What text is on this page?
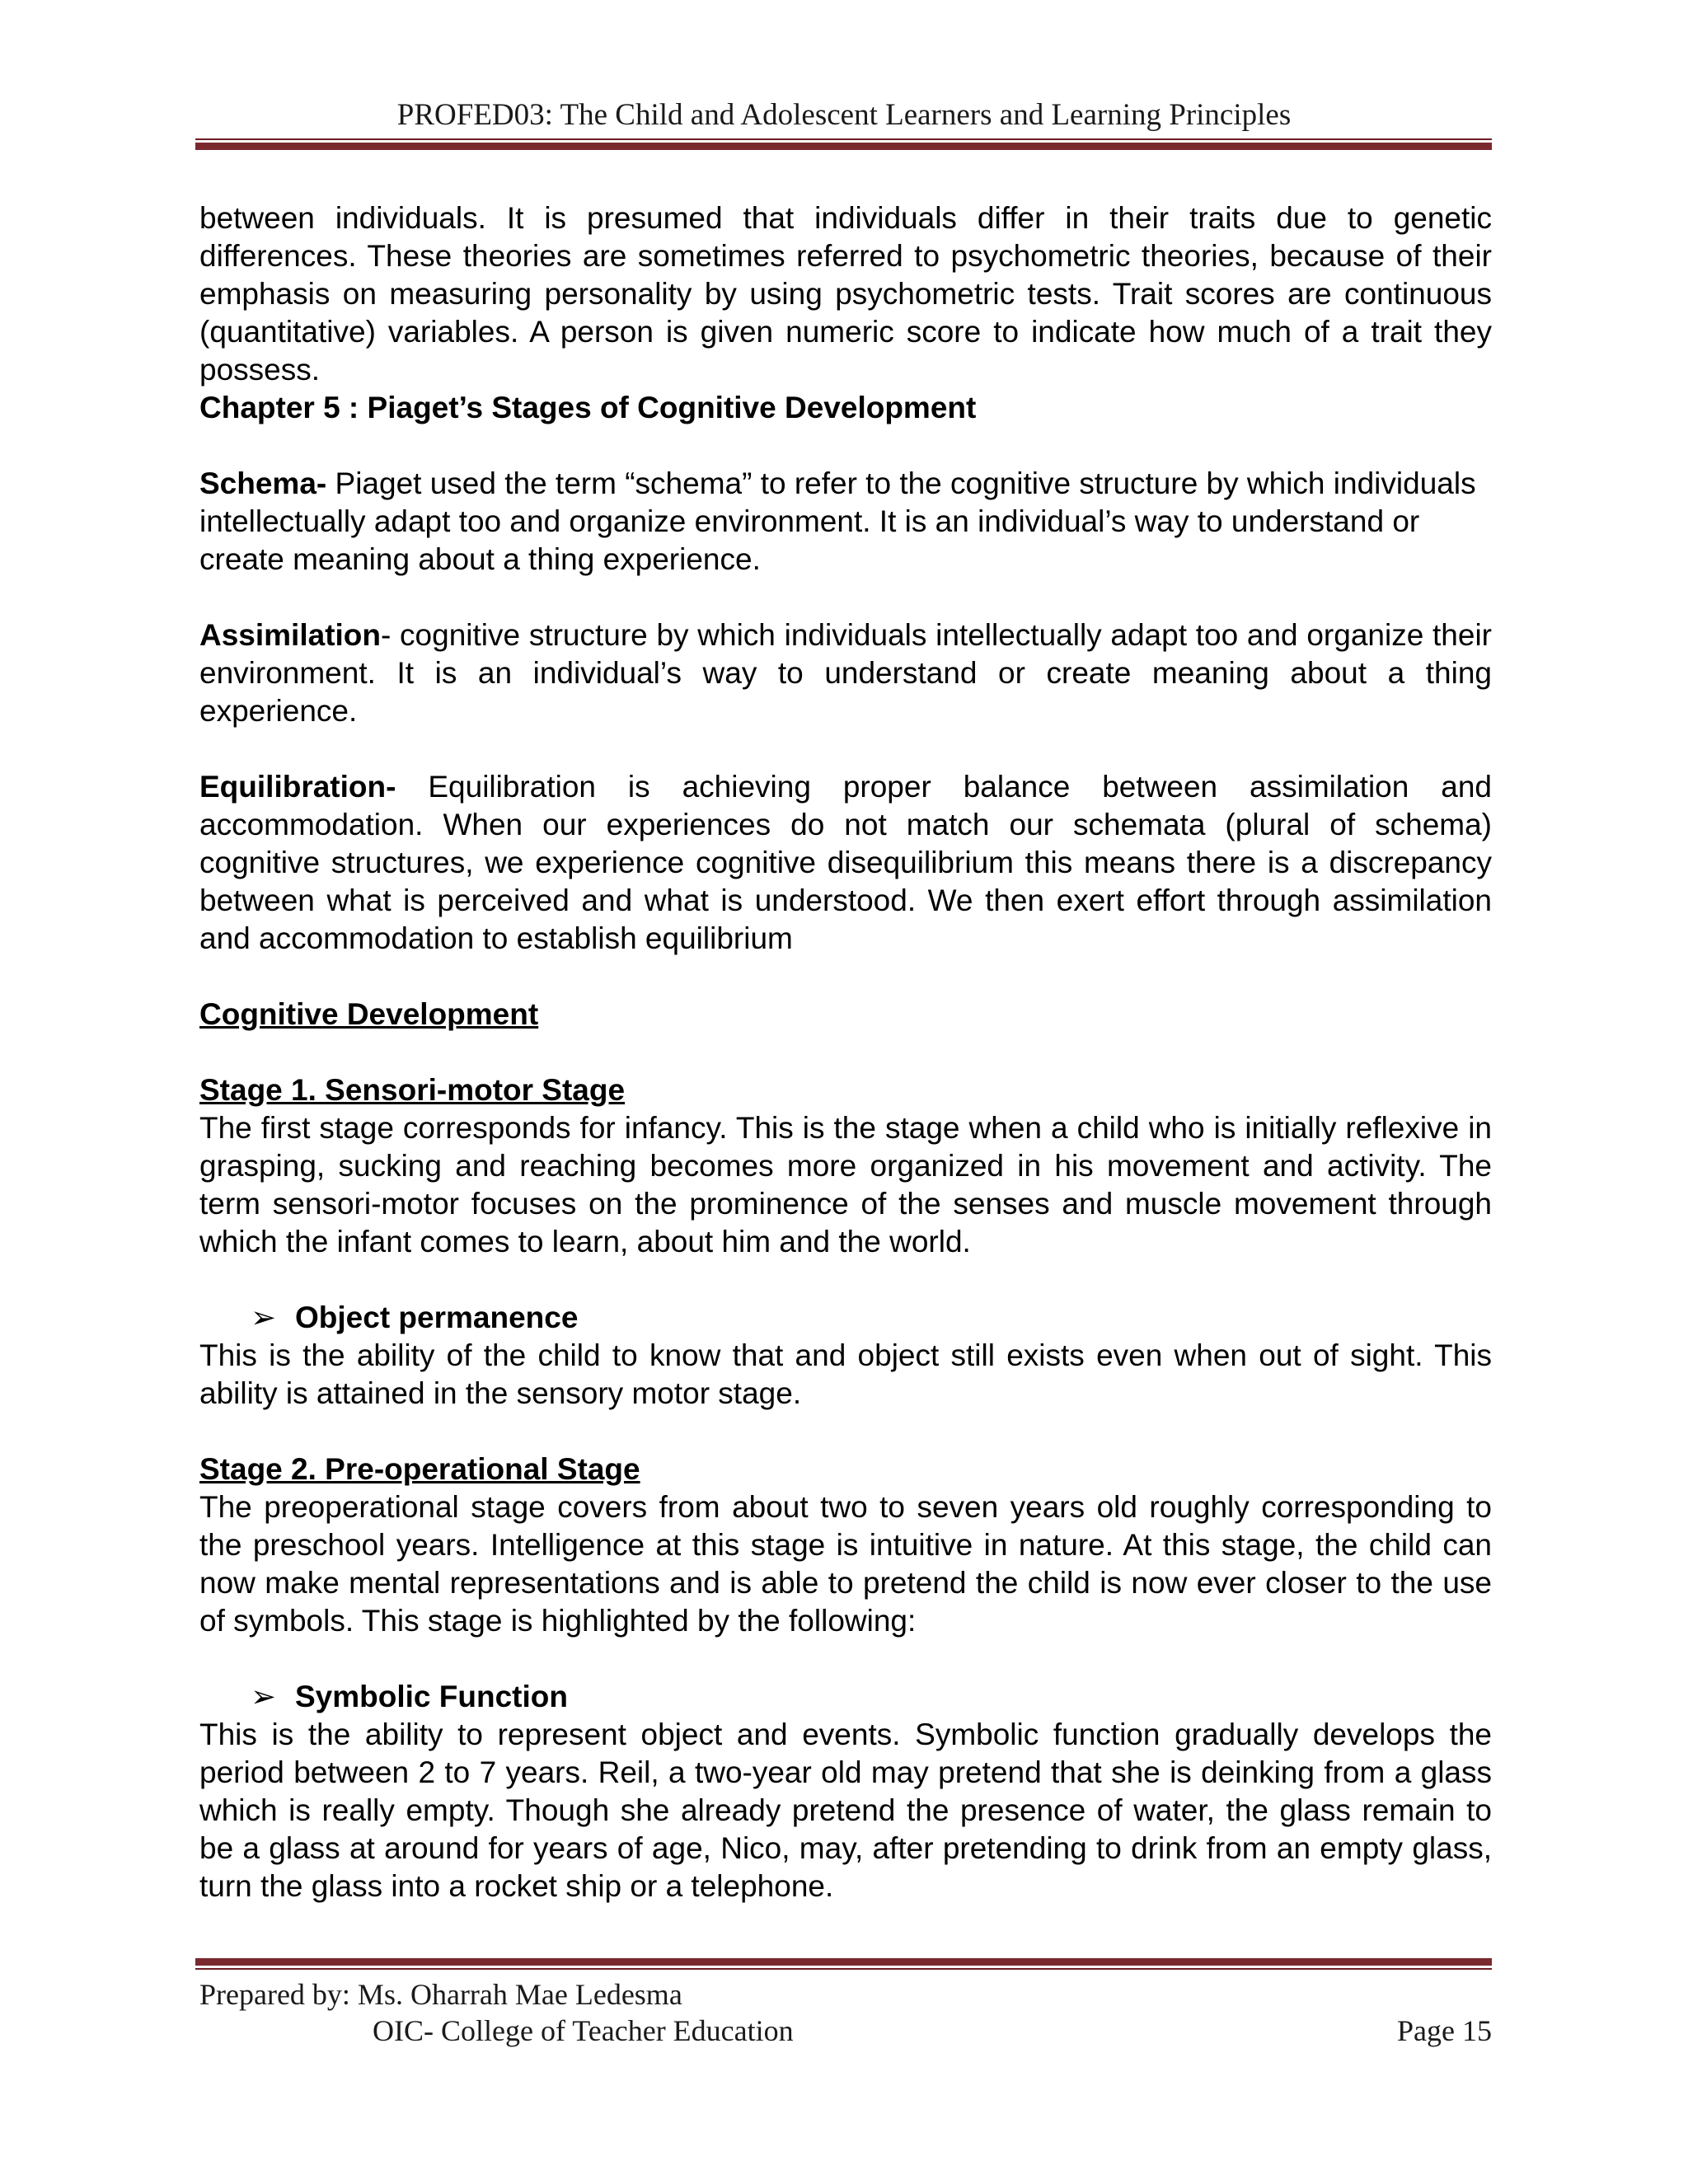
PROFED03: The Child and Adolescent Learners and Learning Principles

between individuals. It is presumed that individuals differ in their traits due to genetic differences. These theories are sometimes referred to psychometric theories, because of their emphasis on measuring personality by using psychometric tests. Trait scores are continuous (quantitative) variables. A person is given numeric score to indicate how much of a trait they possess.

Chapter 5 : Piaget’s Stages of Cognitive Development

Schema- Piaget used the term “schema” to refer to the cognitive structure by which individuals intellectually adapt too and organize environment. It is an individual’s way to understand or create meaning about a thing experience.

Assimilation- cognitive structure by which individuals intellectually adapt too and organize their environment. It is an individual’s way to understand or create meaning about a thing experience.

Equilibration- Equilibration is achieving proper balance between assimilation and accommodation. When our experiences do not match our schemata (plural of schema) cognitive structures, we experience cognitive disequilibrium this means there is a discrepancy between what is perceived and what is understood. We then exert effort through assimilation and accommodation to establish equilibrium

Cognitive Development

Stage 1. Sensori-motor Stage

The first stage corresponds for infancy. This is the stage when a child who is initially reflexive in grasping, sucking and reaching becomes more organized in his movement and activity. The term sensori-motor focuses on the prominence of the senses and muscle movement through which the infant comes to learn, about him and the world.

➢ Object permanence

This is the ability of the child to know that and object still exists even when out of sight. This ability is attained in the sensory motor stage.

Stage 2. Pre-operational Stage

The preoperational stage covers from about two to seven years old roughly corresponding to the preschool years. Intelligence at this stage is intuitive in nature. At this stage, the child can now make mental representations and is able to pretend the child is now ever closer to the use of symbols. This stage is highlighted by the following:

➢ Symbolic Function

This is the ability to represent object and events. Symbolic function gradually develops the period between 2 to 7 years. Reil, a two-year old may pretend that she is deinking from a glass which is really empty. Though she already pretend the presence of water, the glass remain to be a glass at around for years of age, Nico, may, after pretending to drink from an empty glass, turn the glass into a rocket ship or a telephone.

Prepared by: Ms. Oharrah Mae Ledesma
OIC- College of Teacher Education	Page 15
